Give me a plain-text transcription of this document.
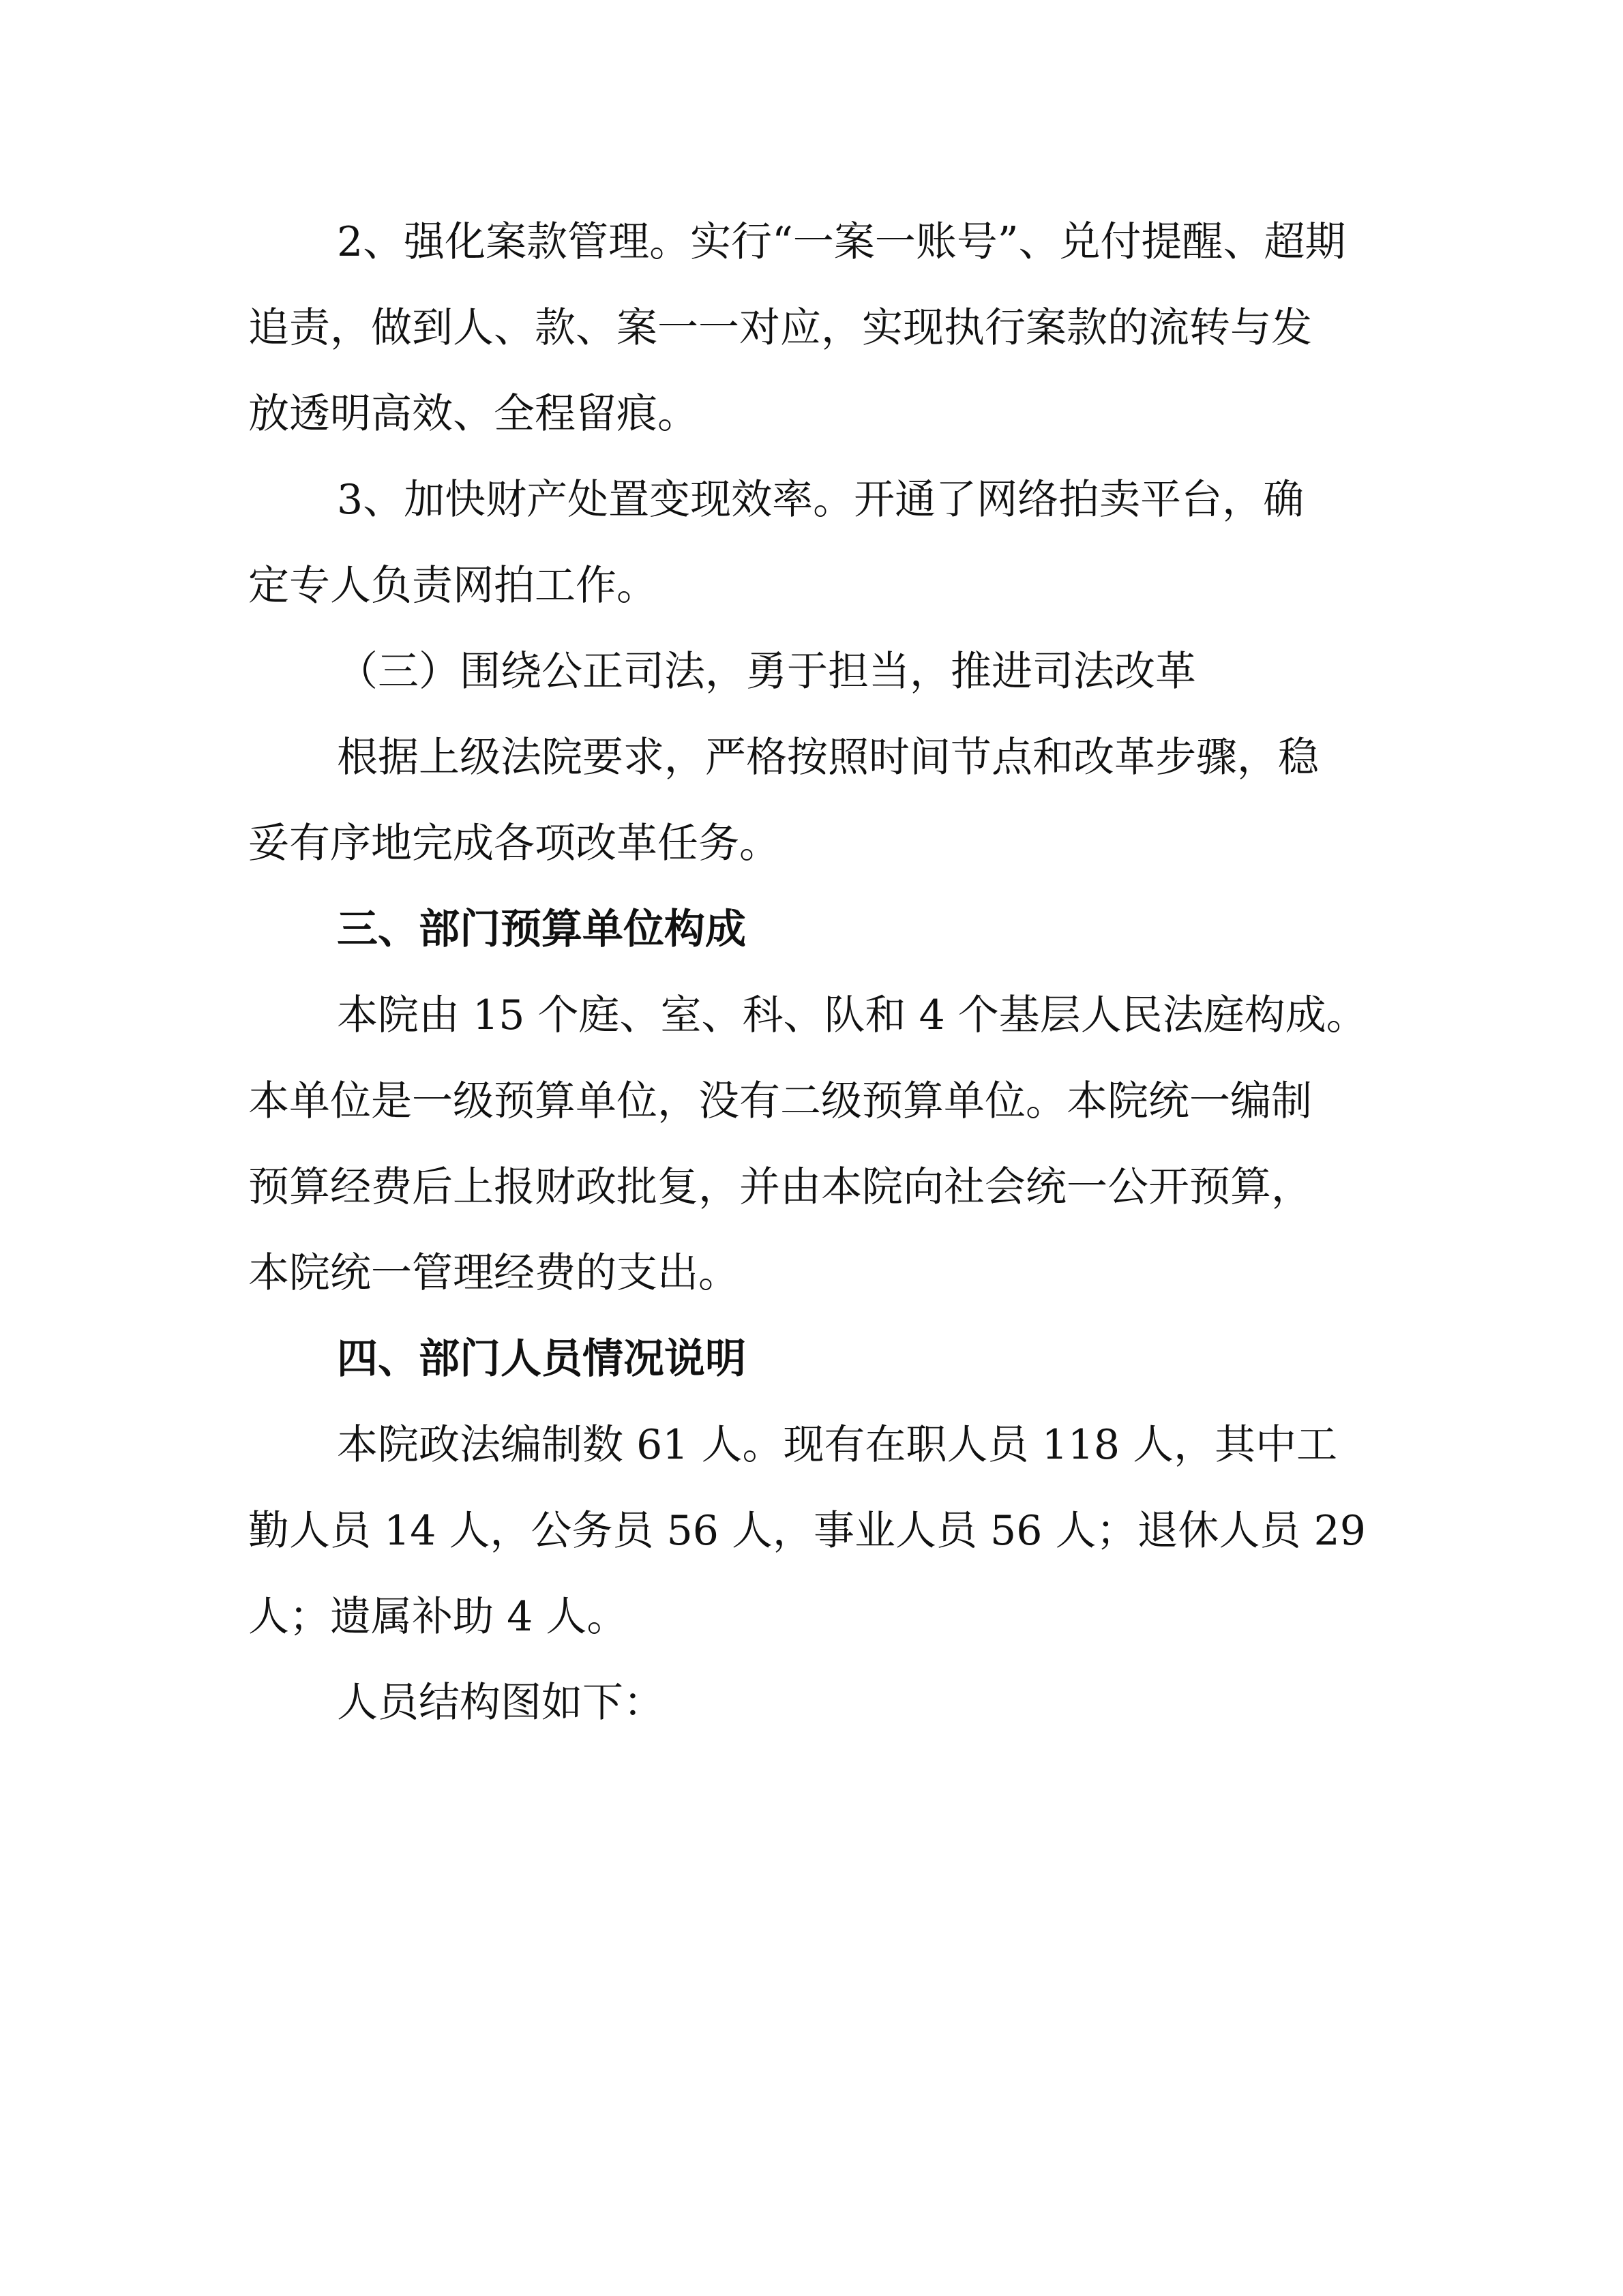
2、强化案款管理。实行“一案一账号”、兑付提醒、超期
追责，做到人、款、案一一对应，实现执行案款的流转与发
放透明高效、全程留痕。
3、加快财产处置变现效率。开通了网络拍卖平台，确
定专人负责网拍工作。
（三）围绕公正司法，勇于担当，推进司法改革
根据上级法院要求，严格按照时间节点和改革步骤，稳
妥有序地完成各项改革任务。
三、部门预算单位构成
本院由 15 个庭、室、科、队和 4 个基层人民法庭构成。
本单位是一级预算单位，没有二级预算单位。本院统一编制
预算经费后上报财政批复，并由本院向社会统一公开预算，
本院统一管理经费的支出。
四、部门人员情况说明
本院政法编制数 61 人。现有在职人员 118 人，其中工
勤人员 14 人，公务员 56 人，事业人员 56 人；退休人员 29
人；遗属补助 4 人。
人员结构图如下：
